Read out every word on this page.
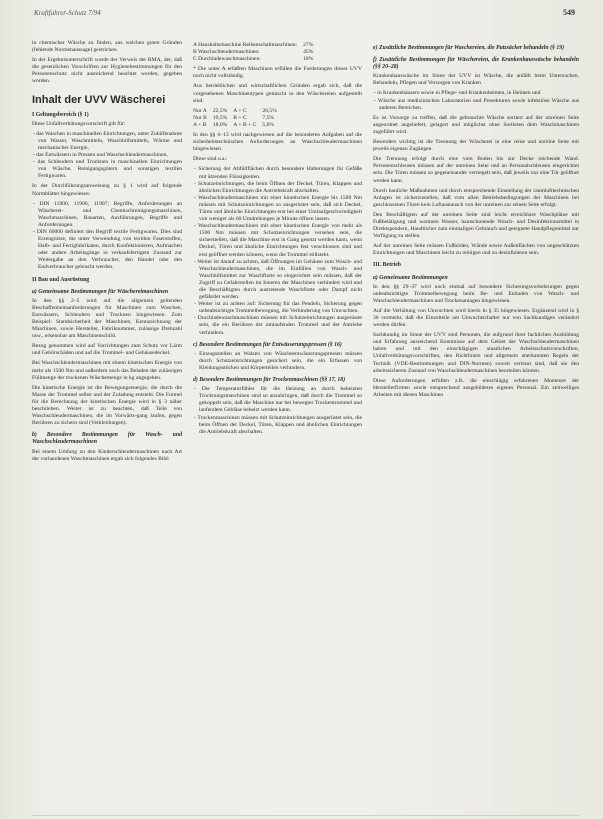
Kraftfahrer-Schutz 7/94	549

in chemischer Wäsche zu finden, aus welchen guten Gründen (fehlende Normenaussage) gestrichen.

In der Ergebnisunterschrift wurde der Verweis der BMA, der, daß die gesetzlichen Vorschriften zur Hygienebestimmungen für den Personenschutz nicht ausreichend beachtet werden, gegeben worden.

Inhalt der UVV Wäscherei
I Geltungsbereich (§ 1)

Diese Unfallverhütungsvorschrift gilt für:

- das Waschen in maschinellen Einrichtungen, unter Zuhilfenahme von Wasser, Waschmitteln, Waschhilfsmitteln, Wärme und mechanischer Energie,
- das Entwässern in Pressen und Waschschleudermaschinen,
- das Schleudern und Trocknen in maschinellen Einrichtungen von Wäsche, Reinigungsgütern und sonstigen textilen Fertigwaren.

In der Durchführungsanweisung zu § 1 wird auf folgende Normblätter hingewiesen:

- DIN 11900, 11906, 11907; Begriffe, Anforderungen an Wäscherei- und Chemischreinigungsmaschinen, Waschmaschinen, Bauarten, Ausführungen, Begriffe und Anforderungen.
- DIN 60000 definiert den Begriff textile Fertigwaren. Dies sind Erzeugnisse, die unter Verwendung von textilen Faserstoffen, Halb- und Fertigfabrikaten, durch Konfektionieren, Aufmachen oder andere Arbeitsgänge in verkaufsfertigem Zustand zur Weitergabe an den Verbraucher, den Handel oder den Endverbraucher gebracht werden.
II Bau und Ausrüstung
a) Gemeinsame Bestimmungen für Wäschereimaschinen

In den §§ 2–5 wird auf die allgemein geltenden Beschaffenheitsanforderungen für Maschinen zum Waschen, Entwässern, Schleudern und Trocknen hingewiesen. Zum Beispiel: Standsicherheit der Maschinen, Kennzeichnung der Maschinen, sowie Hersteller, Fabriknummer, zulässige Drehzahl usw., erkennbar am Maschinenschild.

Bezug genommen wird auf Vorrichtungen zum Schutz vor Lärm und Gehörschäden und auf die Trommel- und Gehäusedeckel.

Bei Waschschleudermaschinen mit einem kinetischen Energie von mehr als 1500 Nm und außerdem noch das Beladen der zulässigen Füllmenge der trockenen Wäschemenge in kg angegeben.

Die kinetische Energie ist die Bewegungsenergie, die durch die Masse der Trommel selbst und der Zuladung entsteht. Die Formel für die Berechnung der kinetischen Energie wird in § 3 näher beschrieben. Weiter ist zu beachten, daß Teile von Waschschleudermaschinen, die im Vorwärts-gang laufen, gegen Berühren zu sichern sind (Verkleidungen).

b) Besondere Bestimmungen für Wasch- und Waschschleudermaschinen

Bei einem Umfang zu den Kinderschleudermaschinen nach Art der vorhandenen Waschmaschinen ergab sich folgendes Bild:

A Haushaltsmaschine Reihenschaltmaschinen:	27%
B Waschschleudermaschinen:	45%
C Durchladewaschmaschinen:	18%

* Die unter A erfaßten Maschinen erfüllen die Forderungen dieser UVV noch nicht vollständig.

Aus betrieblichen und wirtschaftlichen Gründen ergab sich, daß die vorgesehenen Maschinentypen gemischt in den Wäschereien aufgestellt sind.

Nur A	22,5%	A + C	26,5%
Nur B	19,5%	B + C	7,5%
A + B	18,0%	A + B + C	5,6%

In den §§ 6–13 wird nachgewiesen auf die besonderen Aufgaben auf die sicherheitstechnischen Anforderungen an Waschschleudermaschinen hingewiesen.

Diese sind u.a.:

- Sicherung der Abfüllflächen durch besondere Halterungen für Gefäße mit ätzenden Flüssigkeiten.
- Schutzeinrichtungen, die beim Öffnen der Deckel, Türen, Klappen und ähnlichen Einrichtungen die Antriebskraft abschalten.
- Waschschleudermaschinen mit einer kinetischen Energie bis 1500 Nm müssen mit Schutzeinrichtungen so ausgerüstet sein, daß sich Deckel, Türen und ähnliche Einrichtungen erst bei einer Umlaufgeschwindigkeit von weniger als 60 Umdrehungen je Minute öffnen lassen.
- Waschschleudermaschinen mit einer kinetischen Energie von mehr als 1500 Nm müssen mit Schutzeinrichtungen versehen sein, die sicherstellen, daß die Maschine erst in Gang gesetzt werden kann, wenn Deckel, Türen und ähnliche Einrichtungen fest verschlossen sind und erst geöffnet werden können, wenn die Trommel stillsteht.
- Weiter ist darauf zu achten, daß Öffnungen im Gehäuse zum Wasch- und Waschschleudermaschinen, die im Einfüllen von Wasch- und Waschhilfsmittel zur Waschflotte so eingerichtet sein müssen, daß der Zugriff zu Gefahrstellen im Inneren der Maschinen verhindert wird und die Beschäftigten durch austretende Waschflotte oder Dampf nicht gefährdet werden.
- Weiter ist zu achten auf: Sicherung für das Pendeln, Sicherung gegen unbeabsichtigte Trommelbewegung, die Verhinderung von Unwuchten.
- Durchladewaschmaschinen müssen mit Schutzeinrichtungen ausgerüstet sein, die ein Berühren der umlaufenden Trommel und der Antriebe verhindern.
c) Besondere Bestimmungen für Entwässerungspressen (§ 16)
- Einzugsstellen an Walzen von Wäscheentwässerungspressen müssen durch Schutzeinrichtungen gesichert sein, die ein Erfassen von Kleidungsstücken und Körperteilen verhindern.
d) Besondere Bestimmungen für Trockenmaschinen (§§ 17, 18)
- Die Temperaturfühler für die Heizung an durch beheizten Trocknungsmaschinen sind so anzubringen, daß durch die Trommel so gekoppelt sein, daß die Maschine nur bei bewegter Trockentrommel und laufendem Gebläse beheizt werden kann.
- Trockenmaschinen müssen mit Schutzeinrichtungen ausgerüstet sein, die beim Öffnen der Deckel, Türen, Klappen und ähnlichen Einrichtungen die Antriebskraft abschalten.
e) Zusätzliche Bestimmungen für Waschereien, die Putzsäcker behandeln (§ 19)
f) Zusätzliche Bestimmungen für Wäschereien, die Krankenhauswäsche behandeln (§§ 20–28)

Krankenhauswäsche im Sinne der UVV ist Wäsche, die anfällt beim Untersuchen, Behandeln, Pflegen und Versorgen von Kranken

- in Krankenhäusern sowie in Pflege- und Krankenheimen, in Heimen und
- Wäsche aus medizinischen Laboratorien und Prosekturen sowie infektiöse Wäsche aus anderen Bereichen.

Es ist Vorsorge zu treffen, daß die gebrauchte Wäsche sortiert auf der unreinen Seite angeordnet angeliefert, gelagert und möglichst ohne Sortieren dem Waschmaschinen zugeführt wird.

Besonders wichtig ist die Trennung der Wäscherei in eine reine und unreine Seite mit jeweils eigenen Zugängen.

Die Trennung erfolgt durch eine vom Boden bis zur Decke reichende Wand. Personenschleusen müssen auf der unreinen Seite und an Personalschleusen eingerichtet sein. Die Türen müssen so gegeneinander verriegelt sein, daß jeweils nur eine Tür geöffnet werden kann.

Durch bauliche Maßnahmen und durch entsprechende Einstellung der raumlufttechnischen Anlagen ist sicherzustellen, daß vom allen Betriebsbedingungen der Maschinen bei geschlossenen Türen kein Luftaustausch von der unreinen zur reinen Seite erfolgt.

Den Beschäftigten auf der unreinen Seite sind leicht erreichbare Waschplätze mit Fußbetätigung und warmem Wasser, hautschonende Wasch- und Desinfektionsmittel in Direktspendern, Handtücher zum einmaligen Gebrauch und geeignete Handpflegemittel zur Verfügung zu stellen.

Auf der unreinen Seite müssen Fußböden, Wände sowie Außenflächen von ungeschützten Einrichtungen und Maschinen leicht zu reinigen und zu desinfizieren sein.

III. Betrieb
a) Gemeinsame Bestimmungen

In den §§ 29–37 wird noch einmal auf besondere Sicherungsvorkehrungen gegen unbeabsichtigte Trommelbewegung beim Be- und Entladen von Wasch- und Waschschleudermaschinen und Trockenanlagen hingewiesen.

Auf die Verhütung von Unwuchten wird hierin in § 35 hingewiesen. Ergänzend wird in § 36 vermerkt, daß die Einzelteile am Unwuchtschalter nur von Sachkundigen verändert werden dürfen.

Sachkundig im Sinne der UVV sind Personen, die aufgrund ihrer fachlichen Ausbildung und Erfahrung ausreichend Kenntnisse auf dem Gebiet der Waschschleudermaschinen haben und mit den einschlägigen staatlichen Arbeitsschutzvorschriften, Unfallverhütungsvorschriften, den Richtlinien und allgemein anerkannten Regeln der Technik (VDE-Bestimmungen und DIN-Normen) soweit vertraut sind, daß sie den arbeitssicheren Zustand von Waschschleudermaschinen beurteilen können.

Diese Anforderungen erfüllen z.B. die einschlägig erfahrenen Monteure der Herstellerfirmen sowie entsprechend ausgebildetes eigenes Personal. Ein zeitweiliges Arbeiten mit diesen Maschinen
